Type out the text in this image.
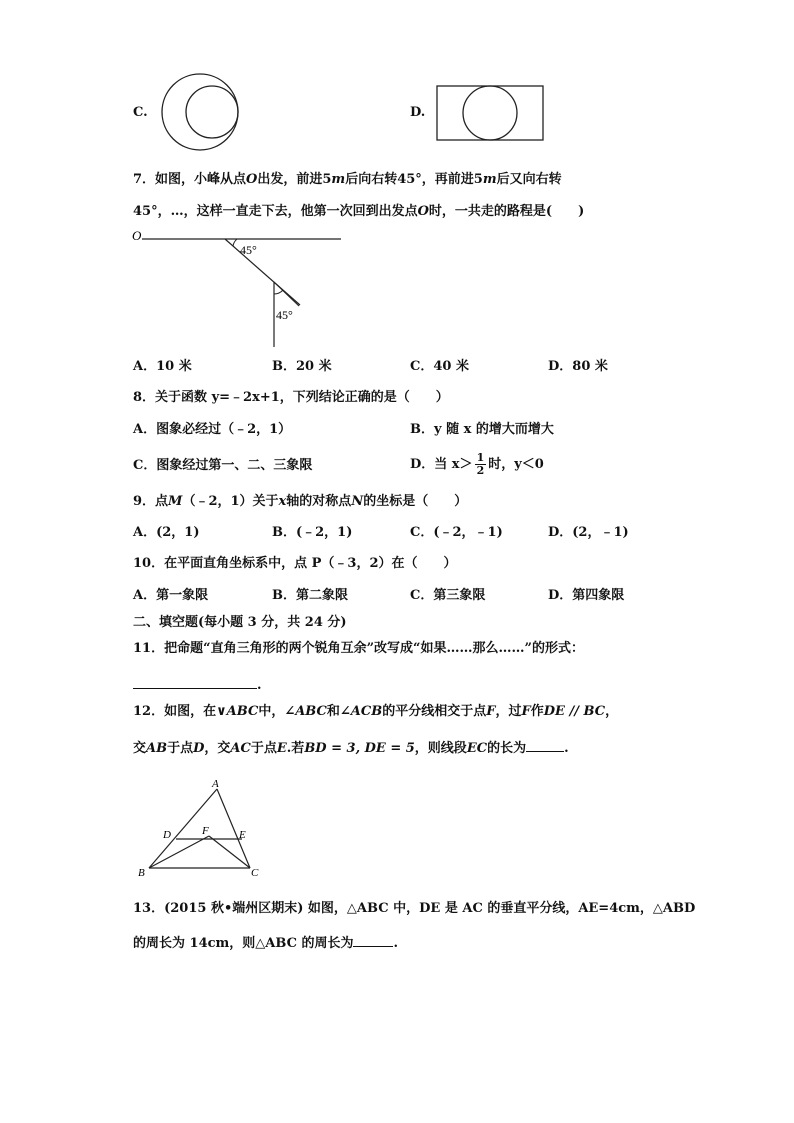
C.	D.
7．如图，小峰从点O出发，前进5m后向右转45°，再前进5m后又向右转
45°，…，这样一直走下去，他第一次回到出发点O时，一共走的路程是(　　)
O
45°
45°
A．10 米	B．20 米	C．40 米	D．80 米
8．关于函数 y=﹣2x+1，下列结论正确的是（　　）
A．图象必经过（﹣2，1）	B．y 随 x 的增大而增大
C．图象经过第一、二、三象限	D．当 $x> \frac{1}{2}$ 时，y＜0
9．点M（﹣2，1）关于x轴的对称点N的坐标是（　　）
A．(2，1)	B．(﹣2，1)	C．(﹣2，﹣1)	D．(2，﹣1)
10．在平面直角坐标系中，点 P（﹣3，2）在（　　）
A．第一象限	B．第二象限	C．第三象限	D．第四象限
二、填空题(每小题 3 分，共 24 分)
11．把命题“直角三角形的两个锐角互余”改写成“如果……那么……”的形式：
.
12．如图，在∨ABC中，∠ABC和∠ACB的平分线相交于点F，过F作DE // BC，
交AB于点D，交AC于点E.若BD = 3, DE = 5，则线段EC的长为	.
A
D	F	E
B	C
13．(2015 秋•端州区期末) 如图，△ABC 中，DE 是 AC 的垂直平分线，AE=4cm，△ABD
的周长为 14cm，则△ABC 的周长为	.
